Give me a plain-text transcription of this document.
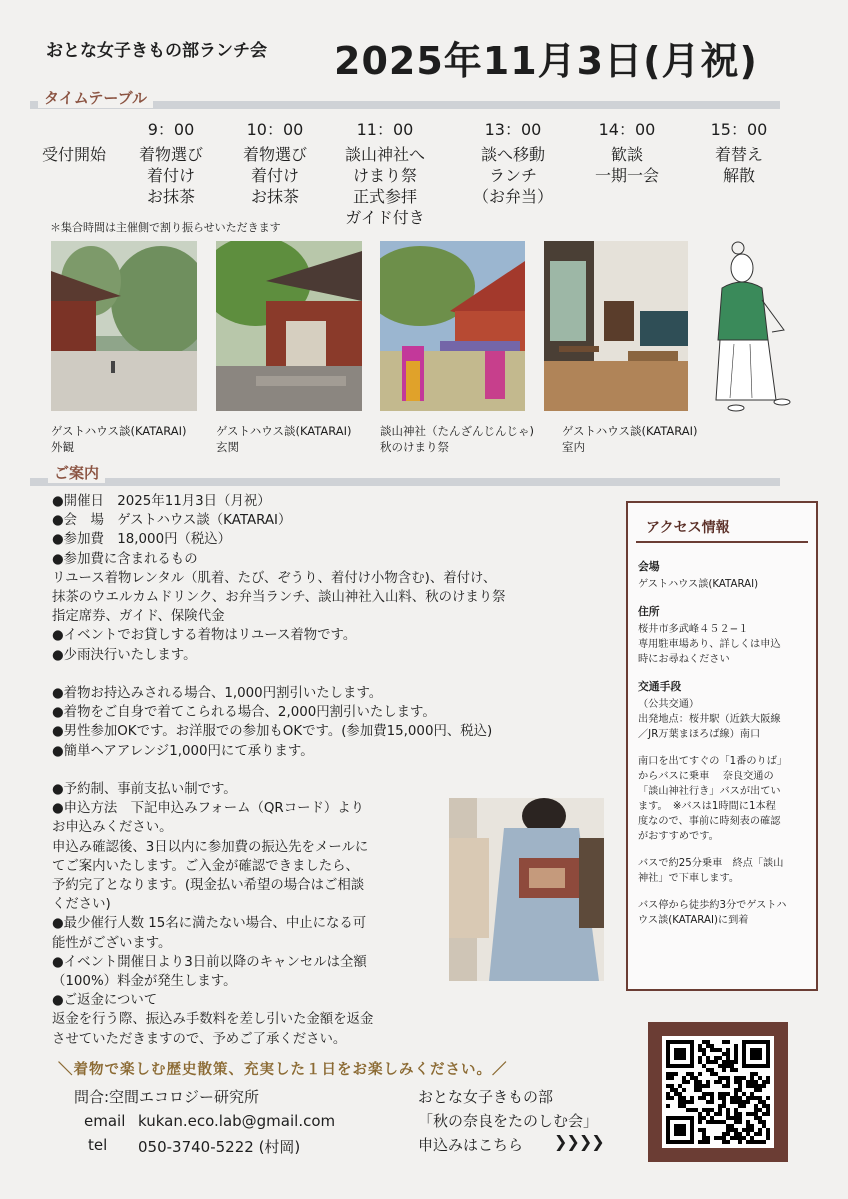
おとな女子きもの部ランチ会 2025年11月3日(月祝)
タイムテーブル
受付開始
9：00
着物選び
着付け
お抹茶
10：00
着物選び
着付け
お抹茶
11：00
談山神社へ
けまり祭
正式参拝
ガイド付き
13：00
談へ移動
ランチ
（お弁当）
14：00
歓談
一期一会
15：00
着替え
解散
＊集合時間は主催側で割り振らせいただきます
ゲストハウス談(KATARAI)
外観
ゲストハウス談(KATARAI)
玄関
談山神社（たんざんじんじゃ)
秋のけまり祭
ゲストハウス談(KATARAI)
室内
ご案内
●開催日　2025年11月3日（月祝）
●会　場　ゲストハウス談（KATARAI）
●参加費　18,000円（税込）
●参加費に含まれるもの
リユース着物レンタル（肌着、たび、ぞうり、着付け小物含む)、着付け、
抹茶のウエルカムドリンク、お弁当ランチ、談山神社入山料、秋のけまり祭
指定席券、ガイド、保険代金
●イベントでお貸しする着物はリユース着物です。
●少雨決行いたします。

●着物お持込みされる場合、1,000円割引いたします。
●着物をご自身で着てこられる場合、2,000円割引いたします。
●男性参加OKです。お洋服での参加もOKです。(参加費15,000円、税込)
●簡単ヘアアレンジ1,000円にて承ります。

●予約制、事前支払い制です。
●申込方法　下記申込みフォーム（QRコード）より
お申込みください。
申込み確認後、3日以内に参加費の振込先をメールに
てご案内いたします。ご入金が確認できましたら、
予約完了となります。(現金払い希望の場合はご相談
ください)
●最少催行人数 15名に満たない場合、中止になる可
能性がございます。
●イベント開催日より3日前以降のキャンセルは全額
（100%）料金が発生します。
●ご返金について
返金を行う際、振込み手数料を差し引いた金額を返金
させていただきますので、予めご了承ください。
アクセス情報
会場
ゲストハウス談(KATARAI)
住所
桜井市多武峰４５２−１
専用駐車場あり、詳しくは申込
時にお尋ねください
交通手段
（公共交通）
出発地点：桜井駅（近鉄大阪線
／JR万葉まほろば線）南口
南口を出てすぐの「1番のりば」
からバスに乗車　 奈良交通の
「談山神社行き」バスが出てい
ます。　※バスは1時間に1本程
度なので、事前に時刻表の確認
がおすすめです。
バスで約25分乗車　終点「談山
神社」で下車します。
バス停から徒歩約3分でゲストハ
ウス談(KATARAI)に到着
＼着物で楽しむ歴史散策、充実した１日をお楽しみください。／
問合:空間エコロジー研究所
email kukan.eco.lab@gmail.com
tel 050-3740-5222 (村岡)
おとな女子きもの部
「秋の奈良をたのしむ会」
申込みはこちら ❯❯❯❯
